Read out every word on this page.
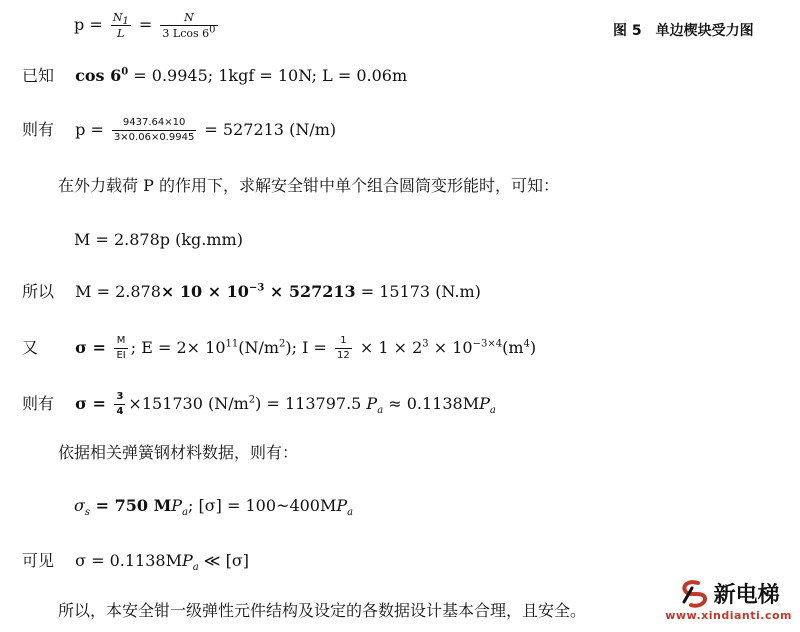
$p = \frac{N_1}{L} = \frac{N}{3 Lcos 6^0}$	图 5　单边楔块受力图
已知　 $\cos 6^0 = 0.9945$; 1kgf = 10N; L = 0.06m
则有　 $p = \frac{9437.64\times 10}{3\times 0.06\times 0.9945} = 527213$ (N/m)
在外力载荷 P 的作用下，求解安全钳中单个组合圆筒变形能时，可知：
M = 2.878p (kg.mm)
所以　 $M = 2.878\times 10 \times 10^{-3} \times 527213 = 15173$ (N.m)
又　　 $\sigma = \frac{M}{EI}$ ; $E = 2\times 10^{11}(N/m^2)$; $I = \frac{1}{12} \times 1 \times 2^3 \times 10^{-3\times 4}(m^4)$
则有　 $\sigma = \frac{3}{4} \times 151730$ $(N/m^2) = 113797.5$ $P_a \approx 0.1138MP_a$
依据相关弹簧钢材料数据，则有：
$\sigma_s = 750$ $MP_a$; $[\sigma] = 100\sim 400MP_a$
可见　 $\sigma = 0.1138MP_a$ ≪ [σ]
所以，本安全钳一级弹性元件结构及设定的各数据设计基本合理，且安全。
新电梯
www.xindianti.com
